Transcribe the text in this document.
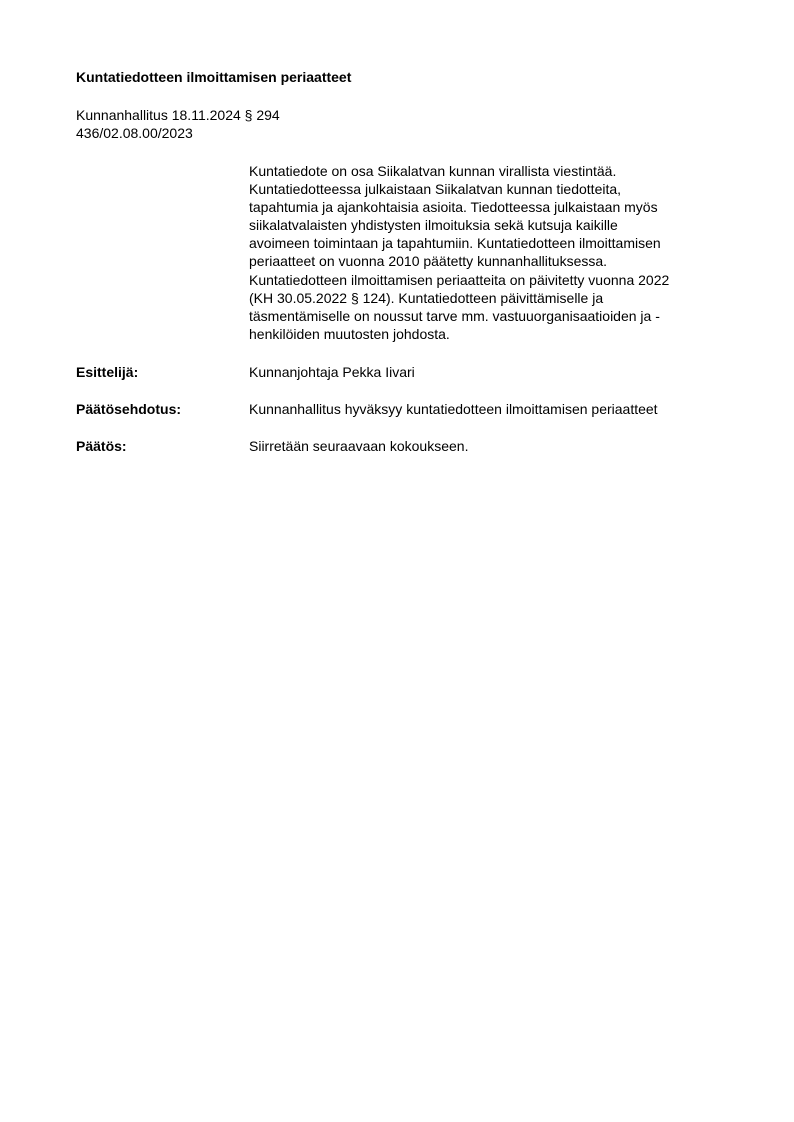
Kuntatiedotteen ilmoittamisen periaatteet
Kunnanhallitus 18.11.2024 § 294
436/02.08.00/2023
Kuntatiedote on osa Siikalatvan kunnan virallista viestintää.
Kuntatiedotteessa julkaistaan Siikalatvan kunnan tiedotteita,
tapahtumia ja ajankohtaisia asioita. Tiedotteessa julkaistaan myös
siikalatvalaisten yhdistysten ilmoituksia sekä kutsuja kaikille
avoimeen toimintaan ja tapahtumiin. Kuntatiedotteen ilmoittamisen
periaatteet on vuonna 2010 päätetty kunnanhallituksessa.
Kuntatiedotteen ilmoittamisen periaatteita on päivitetty vuonna 2022
(KH 30.05.2022 § 124). Kuntatiedotteen päivittämiselle ja
täsmentämiselle on noussut tarve mm. vastuuorganisaatioiden ja -
henkilöiden muutosten johdosta.
Esittelijä:	Kunnanjohtaja Pekka Iivari
Päätösehdotus:	Kunnanhallitus hyväksyy kuntatiedotteen ilmoittamisen periaatteet
Päätös:	Siirretään seuraavaan kokoukseen.
